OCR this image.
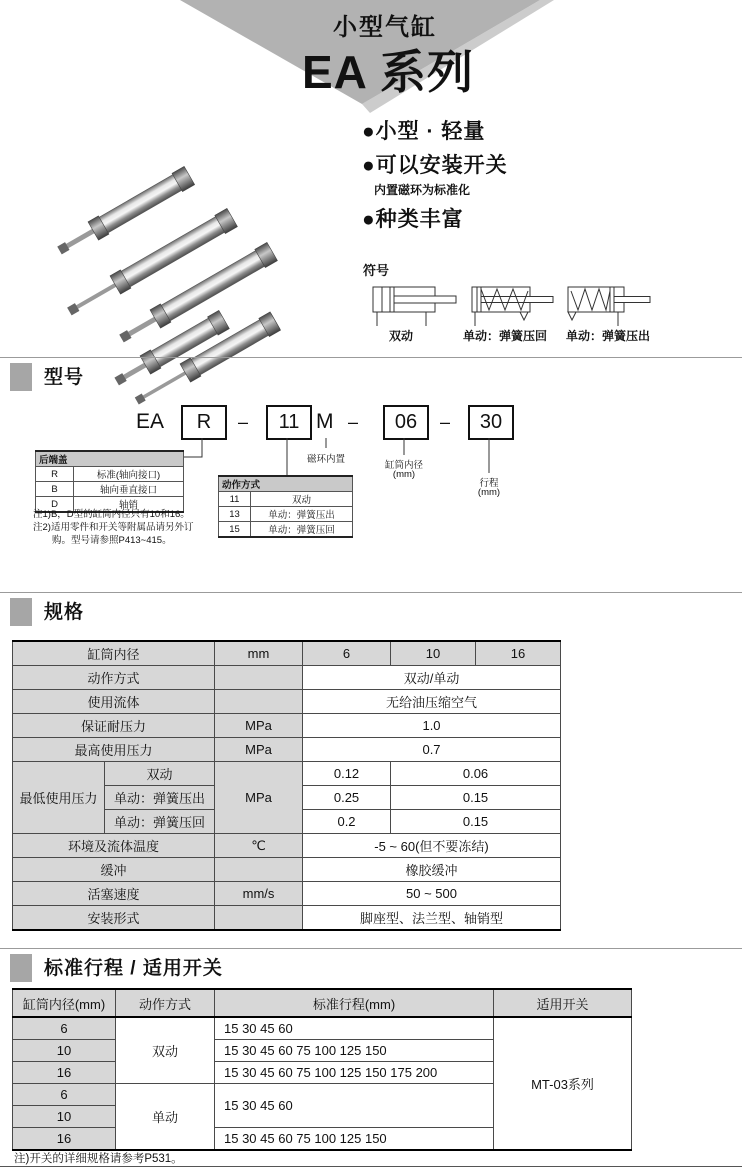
小型气缸
EA 系列
●小型 · 轻量
●可以安装开关
内置磁环为标准化
●种类丰富
符号
双动	单动：弹簧压回	单动：弹簧压出
型号
EA	R	–	11 M –	06	–	30
磁环内置
缸筒内径
(mm)
行程
(mm)
后端盖	
R	标准(轴向接口)
B	轴向垂直接口
D	轴销
注1)B，D型的缸筒内径只有10和16。
注2)适用零件和开关等附属品请另外订
购。型号请参照P413~415。
动作方式	
11	双动
13	单动：弹簧压出
15	单动：弹簧压回
规格
缸筒内径		mm	6	10	16
动作方式			双动/单动		
使用流体			无给油压缩空气		
保证耐压力		MPa	1.0		
最高使用压力		MPa	0.7		
最低使用压力	双动	MPa	0.12	0.06	
	单动：弹簧压出		0.25	0.15	
	单动：弹簧压回		0.2	0.15	
环境及流体温度		℃	-5 ~ 60(但不要冻结)		
缓冲			橡胶缓冲		
活塞速度		mm/s	50 ~ 500		
安装形式			脚座型、法兰型、轴销型		
标准行程 / 适用开关
缸筒内径(mm)	动作方式	标准行程(mm)	适用开关
6	双动	15 30 45 60	MT-03系列
10		15 30 45 60 75 100 125 150	
16		15 30 45 60 75 100 125 150 175 200	
6	单动	15 30 45 60	
10			
16		15 30 45 60 75 100 125 150	
注)开关的详细规格请参考P531。
